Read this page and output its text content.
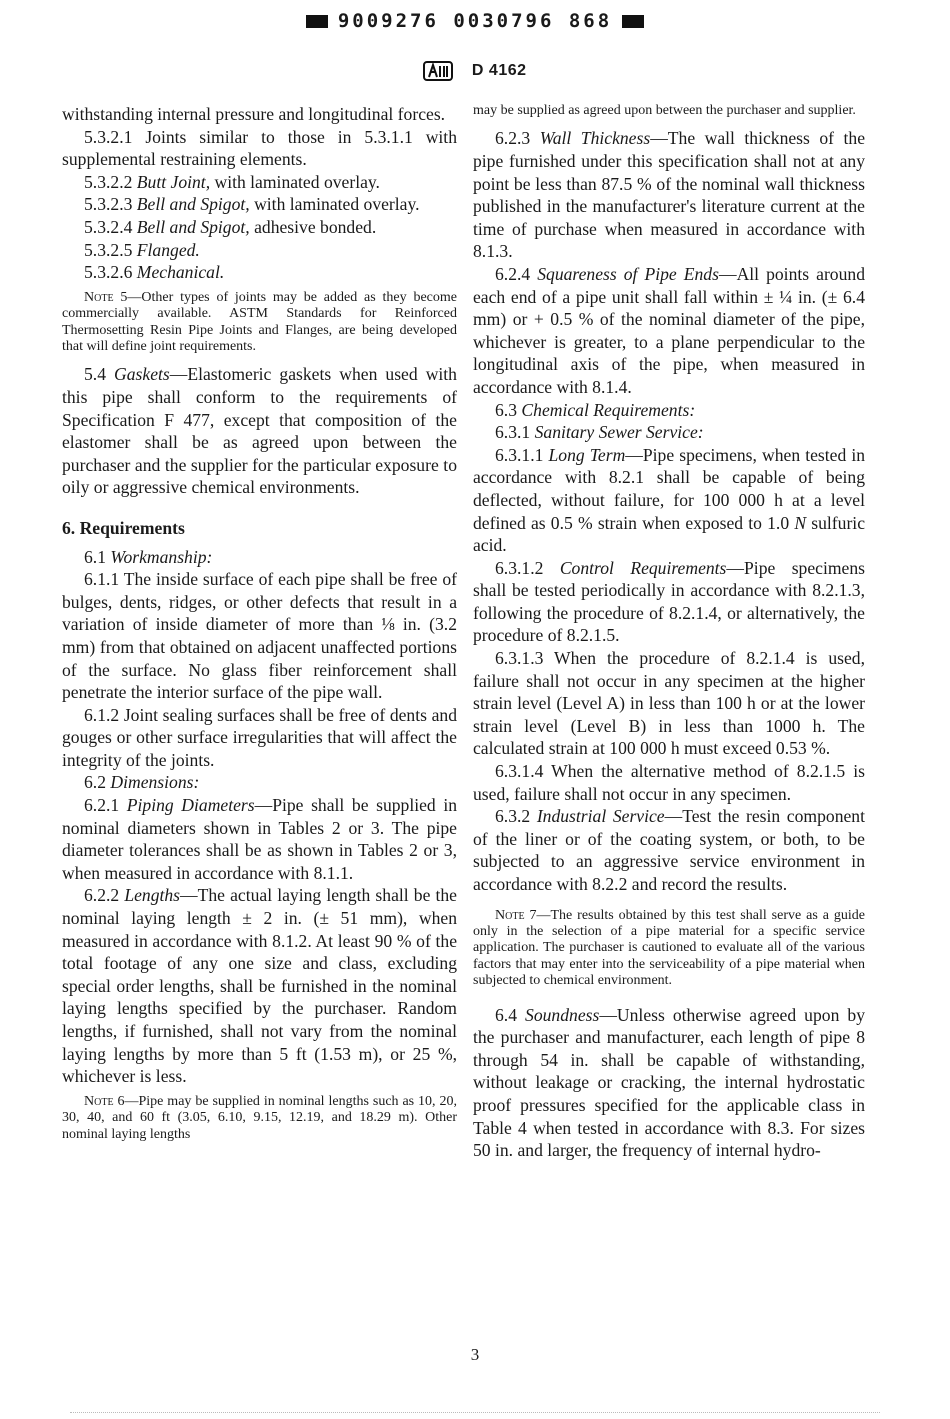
9009276 0030796 868
D 4162

withstanding internal pressure and longitudinal forces.

5.3.2.1 Joints similar to those in 5.3.1.1 with supplemental restraining elements.

5.3.2.2 Butt Joint, with laminated overlay.

5.3.2.3 Bell and Spigot, with laminated overlay.

5.3.2.4 Bell and Spigot, adhesive bonded.

5.3.2.5 Flanged.

5.3.2.6 Mechanical.

Note 5—Other types of joints may be added as they become commercially available. ASTM Standards for Reinforced Thermosetting Resin Pipe Joints and Flanges, are being developed that will define joint requirements.

5.4 Gaskets—Elastomeric gaskets when used with this pipe shall conform to the requirements of Specification F 477, except that composition of the elastomer shall be as agreed upon between the purchaser and the supplier for the particular exposure to oily or aggressive chemical environments.

6. Requirements

6.1 Workmanship:

6.1.1 The inside surface of each pipe shall be free of bulges, dents, ridges, or other defects that result in a variation of inside diameter of more than ⅛ in. (3.2 mm) from that obtained on adjacent unaffected portions of the surface. No glass fiber reinforcement shall penetrate the interior surface of the pipe wall.

6.1.2 Joint sealing surfaces shall be free of dents and gouges or other surface irregularities that will affect the integrity of the joints.

6.2 Dimensions:

6.2.1 Piping Diameters—Pipe shall be supplied in nominal diameters shown in Tables 2 or 3. The pipe diameter tolerances shall be as shown in Tables 2 or 3, when measured in accordance with 8.1.1.

6.2.2 Lengths—The actual laying length shall be the nominal laying length ± 2 in. (± 51 mm), when measured in accordance with 8.1.2. At least 90 % of the total footage of any one size and class, excluding special order lengths, shall be furnished in the nominal laying lengths specified by the purchaser. Random lengths, if furnished, shall not vary from the nominal laying lengths by more than 5 ft (1.53 m), or 25 %, whichever is less.

Note 6—Pipe may be supplied in nominal lengths such as 10, 20, 30, 40, and 60 ft (3.05, 6.10, 9.15, 12.19, and 18.29 m). Other nominal laying lengths

may be supplied as agreed upon between the purchaser and supplier.

6.2.3 Wall Thickness—The wall thickness of the pipe furnished under this specification shall not at any point be less than 87.5 % of the nominal wall thickness published in the manufacturer's literature current at the time of purchase when measured in accordance with 8.1.3.

6.2.4 Squareness of Pipe Ends—All points around each end of a pipe unit shall fall within ± ¼ in. (± 6.4 mm) or + 0.5 % of the nominal diameter of the pipe, whichever is greater, to a plane perpendicular to the longitudinal axis of the pipe, when measured in accordance with 8.1.4.

6.3 Chemical Requirements:

6.3.1 Sanitary Sewer Service:

6.3.1.1 Long Term—Pipe specimens, when tested in accordance with 8.2.1 shall be capable of being deflected, without failure, for 100 000 h at a level defined as 0.5 % strain when exposed to 1.0 N sulfuric acid.

6.3.1.2 Control Requirements—Pipe specimens shall be tested periodically in accordance with 8.2.1.3, following the procedure of 8.2.1.4, or alternatively, the procedure of 8.2.1.5.

6.3.1.3 When the procedure of 8.2.1.4 is used, failure shall not occur in any specimen at the higher strain level (Level A) in less than 100 h or at the lower strain level (Level B) in less than 1000 h. The calculated strain at 100 000 h must exceed 0.53 %.

6.3.1.4 When the alternative method of 8.2.1.5 is used, failure shall not occur in any specimen.

6.3.2 Industrial Service—Test the resin component of the liner or of the coating system, or both, to be subjected to an aggressive service environment in accordance with 8.2.2 and record the results.

Note 7—The results obtained by this test shall serve as a guide only in the selection of a pipe material for a specific service application. The purchaser is cautioned to evaluate all of the various factors that may enter into the serviceability of a pipe material when subjected to chemical environment.

6.4 Soundness—Unless otherwise agreed upon by the purchaser and manufacturer, each length of pipe 8 through 54 in. shall be capable of withstanding, without leakage or cracking, the internal hydrostatic proof pressures specified for the applicable class in Table 4 when tested in accordance with 8.3. For sizes 50 in. and larger, the frequency of internal hydro-

3
